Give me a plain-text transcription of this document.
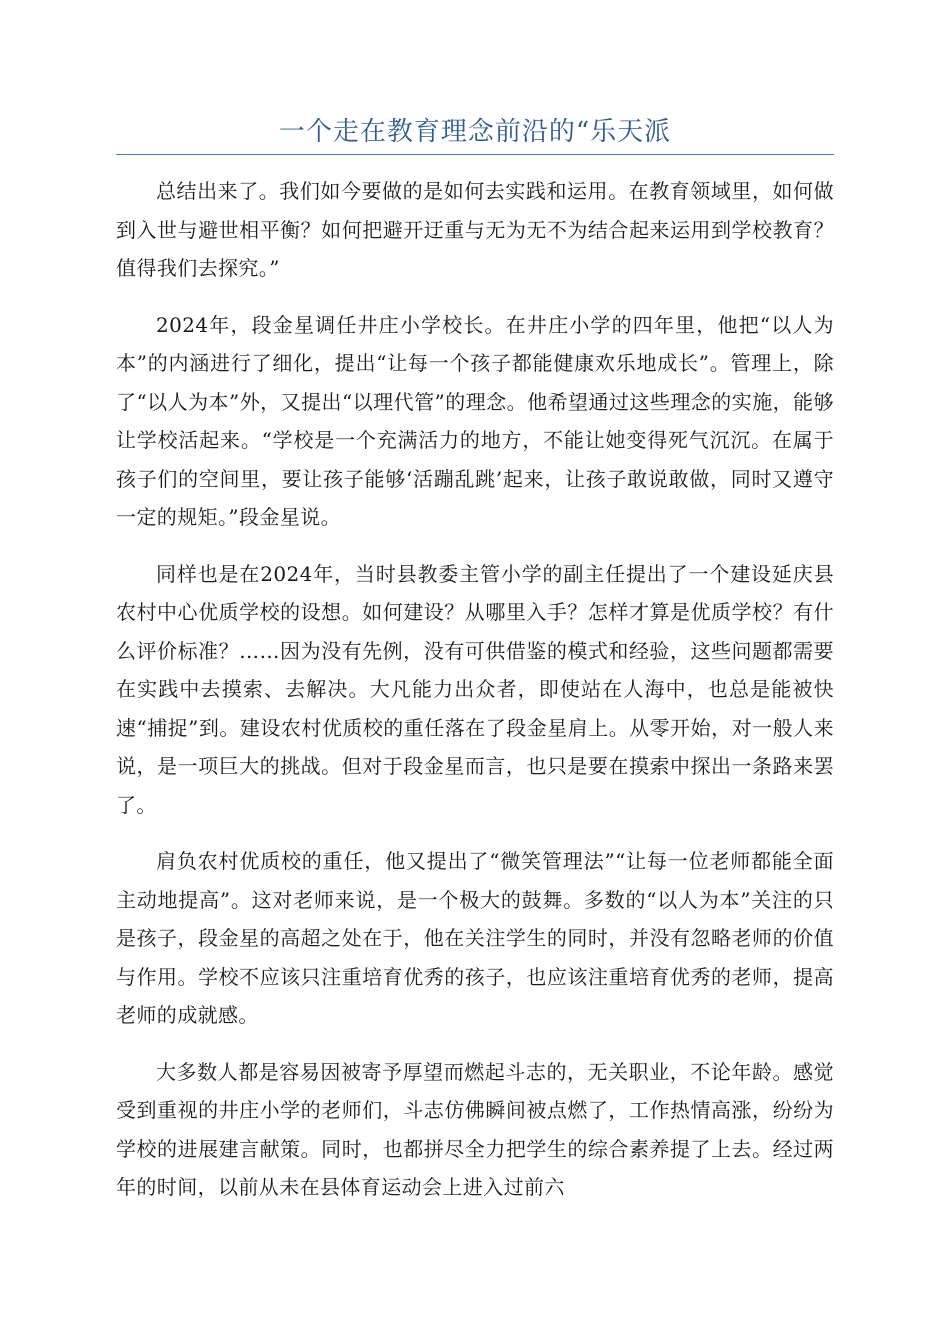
一个走在教育理念前沿的“乐天派

总结出来了。我们如今要做的是如何去实践和运用。在教育领域里，如何做到入世与避世相平衡？如何把避开迂重与无为无不为结合起来运用到学校教育？值得我们去探究。”

2024年，段金星调任井庄小学校长。在井庄小学的四年里，他把“以人为本”的内涵进行了细化，提出“让每一个孩子都能健康欢乐地成长”。管理上，除了“以人为本”外，又提出“以理代管”的理念。他希望通过这些理念的实施，能够让学校活起来。“学校是一个充满活力的地方，不能让她变得死气沉沉。在属于孩子们的空间里，要让孩子能够‘活蹦乱跳’起来，让孩子敢说敢做，同时又遵守一定的规矩。”段金星说。

同样也是在2024年，当时县教委主管小学的副主任提出了一个建设延庆县农村中心优质学校的设想。如何建设？从哪里入手？怎样才算是优质学校？有什么评价标准？……因为没有先例，没有可供借鉴的模式和经验，这些问题都需要在实践中去摸索、去解决。大凡能力出众者，即使站在人海中，也总是能被快速“捕捉”到。建设农村优质校的重任落在了段金星肩上。从零开始，对一般人来说，是一项巨大的挑战。但对于段金星而言，也只是要在摸索中探出一条路来罢了。

肩负农村优质校的重任，他又提出了“微笑管理法”“让每一位老师都能全面主动地提高”。这对老师来说，是一个极大的鼓舞。多数的“以人为本”关注的只是孩子，段金星的高超之处在于，他在关注学生的同时，并没有忽略老师的价值与作用。学校不应该只注重培育优秀的孩子，也应该注重培育优秀的老师，提高老师的成就感。

大多数人都是容易因被寄予厚望而燃起斗志的，无关职业，不论年龄。感觉受到重视的井庄小学的老师们，斗志仿佛瞬间被点燃了，工作热情高涨，纷纷为学校的进展建言献策。同时，也都拼尽全力把学生的综合素养提了上去。经过两年的时间，以前从未在县体育运动会上进入过前六
